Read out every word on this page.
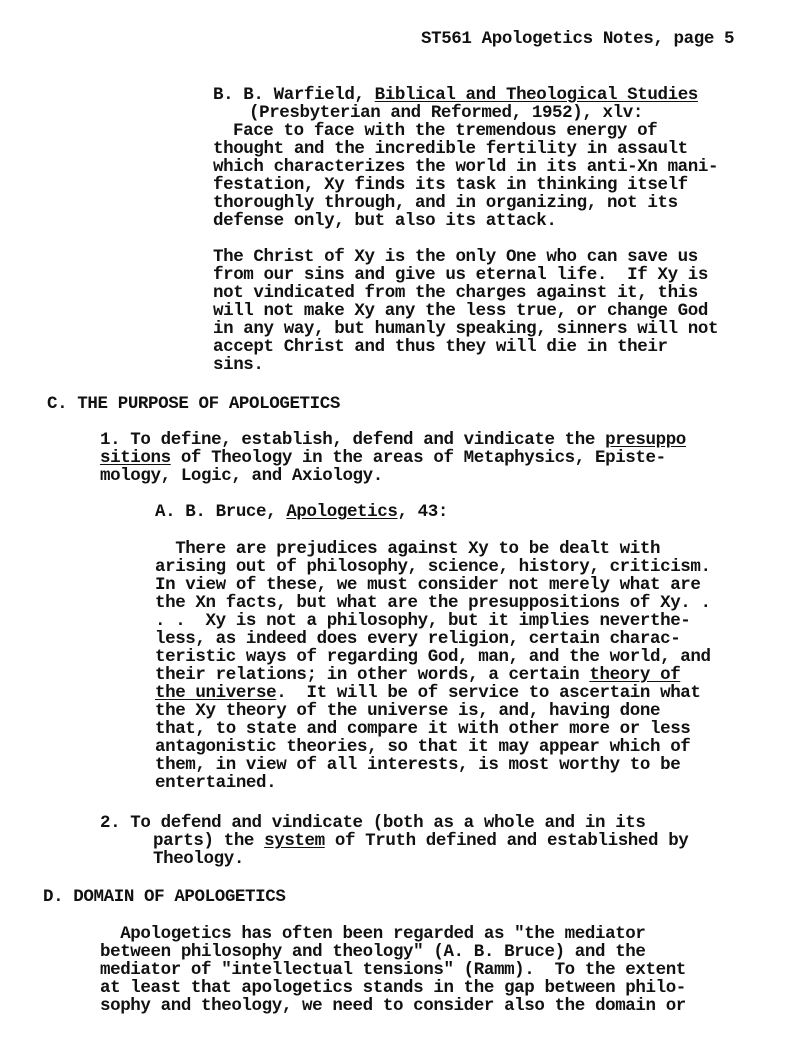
ST561 Apologetics Notes, page 5
B. B. Warfield, Biblical and Theological Studies
(Presbyterian and Reformed, 1952), xlv:
Face to face with the tremendous energy of
thought and the incredible fertility in assault
which characterizes the world in its anti-Xn mani-
festation, Xy finds its task in thinking itself
thoroughly through, and in organizing, not its
defense only, but also its attack.
The Christ of Xy is the only One who can save us
from our sins and give us eternal life.  If Xy is
not vindicated from the charges against it, this
will not make Xy any the less true, or change God
in any way, but humanly speaking, sinners will not
accept Christ and thus they will die in their
sins.
C. THE PURPOSE OF APOLOGETICS
1. To define, establish, defend and vindicate the presuppo
sitions of Theology in the areas of Metaphysics, Episte-
mology, Logic, and Axiology.
A. B. Bruce, Apologetics, 43:
There are prejudices against Xy to be dealt with
arising out of philosophy, science, history, criticism.
In view of these, we must consider not merely what are
the Xn facts, but what are the presuppositions of Xy. .
. .  Xy is not a philosophy, but it implies neverthe-
less, as indeed does every religion, certain charac-
teristic ways of regarding God, man, and the world, and
their relations; in other words, a certain theory of
the universe.  It will be of service to ascertain what
the Xy theory of the universe is, and, having done
that, to state and compare it with other more or less
antagonistic theories, so that it may appear which of
them, in view of all interests, is most worthy to be
entertained.
2. To defend and vindicate (both as a whole and in its
parts) the system of Truth defined and established by
Theology.
D. DOMAIN OF APOLOGETICS
Apologetics has often been regarded as "the mediator
between philosophy and theology" (A. B. Bruce) and the
mediator of "intellectual tensions" (Ramm).  To the extent
at least that apologetics stands in the gap between philo-
sophy and theology, we need to consider also the domain or
